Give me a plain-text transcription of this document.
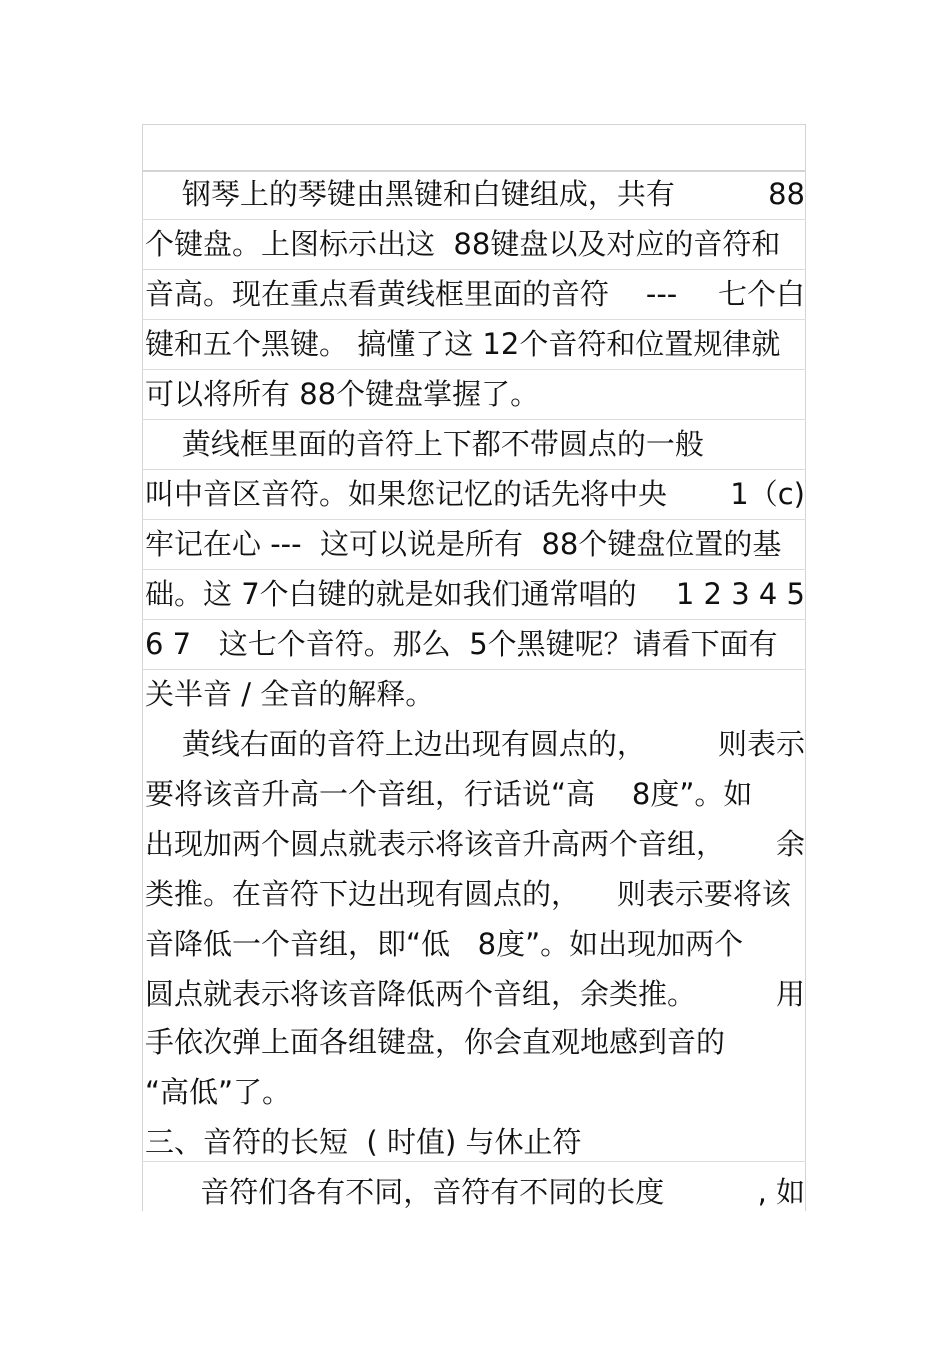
钢琴上的琴键由黑键和白键组成，共有	88
个键盘。上图标示出这  88键盘以及对应的音符和
音高。现在重点看黄线框里面的音符    --- 七个白
键和五个黑键。 搞懂了这 12个音符和位置规律就
可以将所有 88个键盘掌握了。
黄线框里面的音符上下都不带圆点的一般
叫中音区音符。如果您记忆的话先将中央 1（c)
牢记在心 ---  这可以说是所有  88个键盘位置的基
础。这 7个白键的就是如我们通常唱的 1 2 3 4 5
6 7   这七个音符。那么  5个黑键呢？请看下面有
关半音 / 全音的解释。
黄线右面的音符上边出现有圆点的， 则表示
要将该音升高一个音组，行话说“高    8度”。如
出现加两个圆点就表示将该音升高两个音组， 余
类推。在音符下边出现有圆点的，    则表示要将该
音降低一个音组，即“低   8度”。如出现加两个
圆点就表示将该音降低两个音组，余类推。	用
手依次弹上面各组键盘，你会直观地感到音的
“高低”了。
三、音符的长短  ( 时值) 与休止符
音符们各有不同，音符有不同的长度	, 如
